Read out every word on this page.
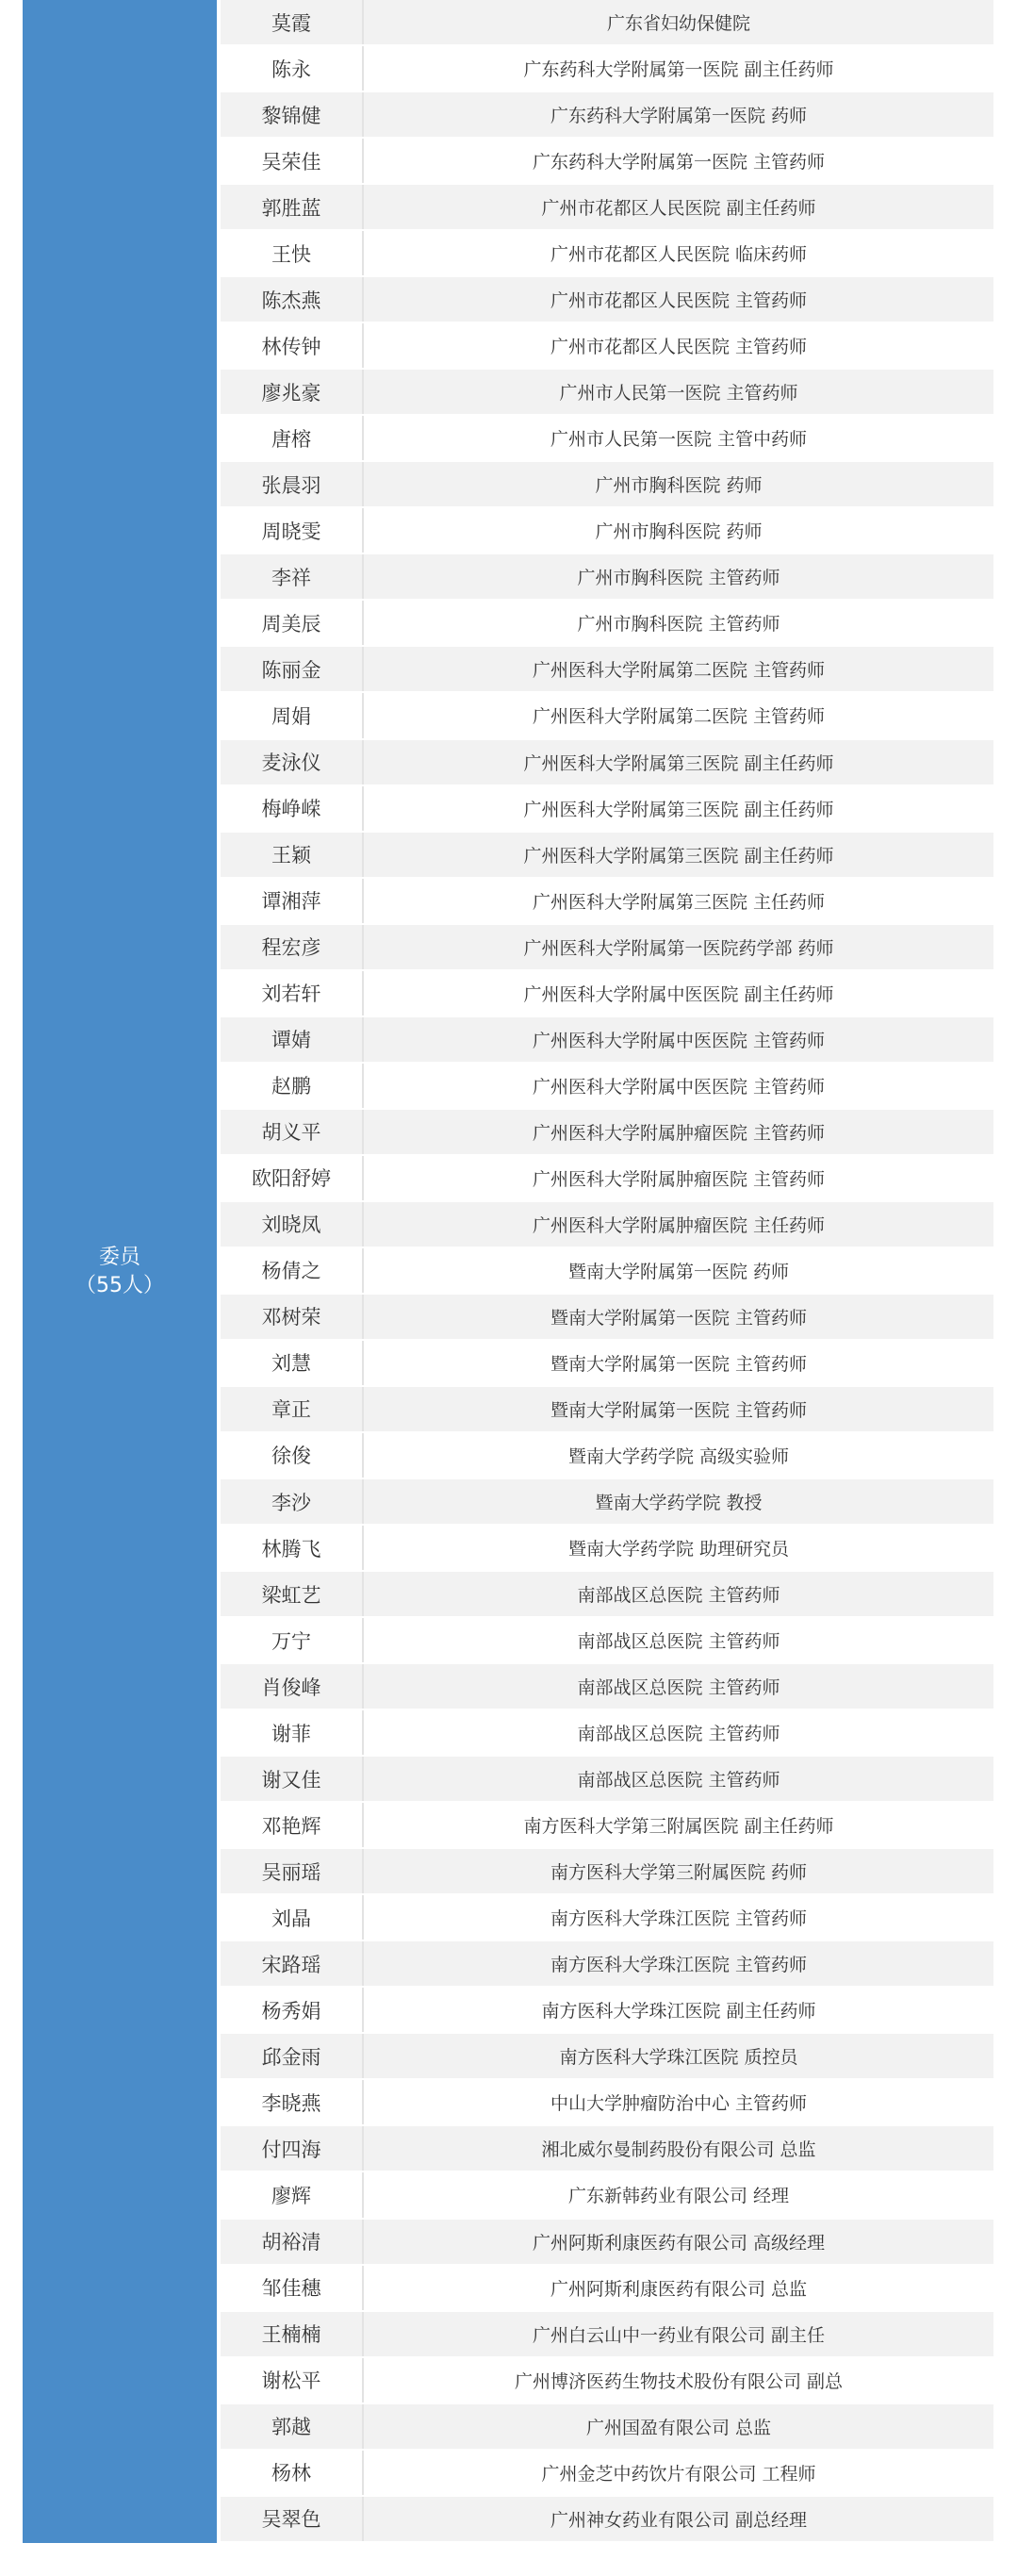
委员
（55人）
莫霞	广东省妇幼保健院
陈永	广东药科大学附属第一医院 副主任药师
黎锦健	广东药科大学附属第一医院 药师
吴荣佳	广东药科大学附属第一医院 主管药师
郭胜蓝	广州市花都区人民医院 副主任药师
王快	广州市花都区人民医院 临床药师
陈杰燕	广州市花都区人民医院 主管药师
林传钟	广州市花都区人民医院 主管药师
廖兆豪	广州市人民第一医院 主管药师
唐榕	广州市人民第一医院 主管中药师
张晨羽	广州市胸科医院 药师
周晓雯	广州市胸科医院 药师
李祥	广州市胸科医院 主管药师
周美辰	广州市胸科医院 主管药师
陈丽金	广州医科大学附属第二医院 主管药师
周娟	广州医科大学附属第二医院 主管药师
麦泳仪	广州医科大学附属第三医院 副主任药师
梅峥嵘	广州医科大学附属第三医院 副主任药师
王颖	广州医科大学附属第三医院 副主任药师
谭湘萍	广州医科大学附属第三医院 主任药师
程宏彦	广州医科大学附属第一医院药学部 药师
刘若轩	广州医科大学附属中医医院 副主任药师
谭婧	广州医科大学附属中医医院 主管药师
赵鹏	广州医科大学附属中医医院 主管药师
胡义平	广州医科大学附属肿瘤医院 主管药师
欧阳舒婷	广州医科大学附属肿瘤医院 主管药师
刘晓凤	广州医科大学附属肿瘤医院 主任药师
杨倩之	暨南大学附属第一医院 药师
邓树荣	暨南大学附属第一医院 主管药师
刘慧	暨南大学附属第一医院 主管药师
章正	暨南大学附属第一医院 主管药师
徐俊	暨南大学药学院 高级实验师
李沙	暨南大学药学院 教授
林腾飞	暨南大学药学院 助理研究员
梁虹艺	南部战区总医院 主管药师
万宁	南部战区总医院 主管药师
肖俊峰	南部战区总医院 主管药师
谢菲	南部战区总医院 主管药师
谢又佳	南部战区总医院 主管药师
邓艳辉	南方医科大学第三附属医院 副主任药师
吴丽瑶	南方医科大学第三附属医院 药师
刘晶	南方医科大学珠江医院 主管药师
宋路瑶	南方医科大学珠江医院 主管药师
杨秀娟	南方医科大学珠江医院 副主任药师
邱金雨	南方医科大学珠江医院 质控员
李晓燕	中山大学肿瘤防治中心 主管药师
付四海	湘北威尔曼制药股份有限公司 总监
廖辉	广东新韩药业有限公司 经理
胡裕清	广州阿斯利康医药有限公司 高级经理
邹佳穗	广州阿斯利康医药有限公司 总监
王楠楠	广州白云山中一药业有限公司 副主任
谢松平	广州博济医药生物技术股份有限公司 副总
郭越	广州国盈有限公司 总监
杨林	广州金芝中药饮片有限公司 工程师
吴翠色	广州神女药业有限公司 副总经理
